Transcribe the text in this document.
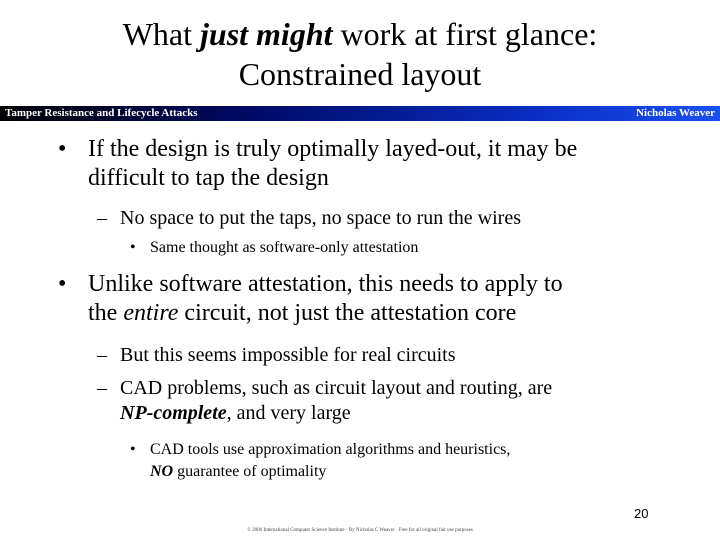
What just might work at first glance:
Constrained layout
Tamper Resistance and Lifecycle Attacks	Nicholas Weaver
• If the design is truly optimally layed-out, it may be
difficult to tap the design
– No space to put the taps, no space to run the wires
• Same thought as software-only attestation
• Unlike software attestation, this needs to apply to
the entire circuit, not just the attestation core
– But this seems impossible for real circuits
– CAD problems, such as circuit layout and routing, are
NP-complete, and very large
• CAD tools use approximation algorithms and heuristics,
NO guarantee of optimality
20
© 2006 International Computer Science Institute · By Nicholas C Weaver · Free for all original fair use purposes
